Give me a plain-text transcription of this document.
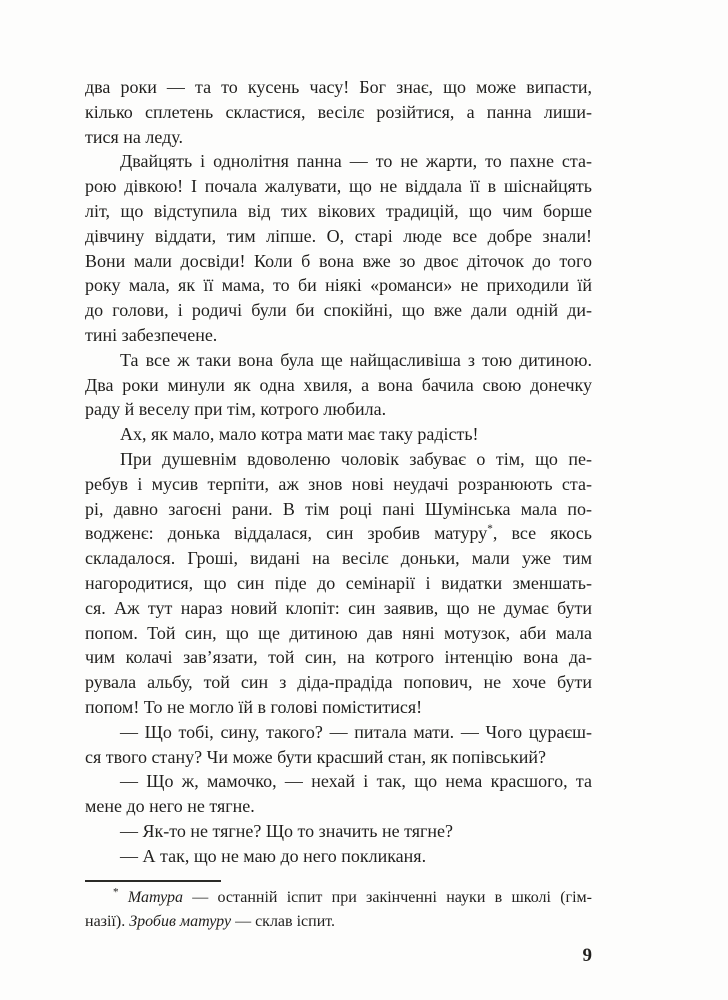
два роки — та то кусень часу! Бог знає, що може випасти,
кілько сплетень скластися, весілє розійтися, а панна лиши-
тися на леду.

Двайцять і однолітня панна — то не жарти, то пахне ста-
рою дівкою! І почала жалувати, що не віддала її в шіснайцять
літ, що відступила від тих вікових традицій, що чим борше
дівчину віддати, тим ліпше. О, старі люде все добре знали!
Вони мали досвіди! Коли б вона вже зо двоє діточок до того
року мала, як її мама, то би ніякі «романси» не приходили їй
до голови, і родичі були би спокійні, що вже дали одній ди-
тині забезпечене.

Та все ж таки вона була ще найщасливіша з тою дитиною.
Два роки минули як одна хвиля, а вона бачила свою донечку
раду й веселу при тім, котрого любила.

Ах, як мало, мало котра мати має таку радість!

При душевнім вдоволеню чоловік забуває о тім, що пе-
ребув і мусив терпіти, аж знов нові неудачі розранюють ста-
рі, давно загоєні рани. В тім році пані Шумінська мала по-
водженє: донька віддалася, син зробив матуру*, все якось
складалося. Гроші, видані на весілє доньки, мали уже тим
нагородитися, що син піде до семінарії і видатки зменшать-
ся. Аж тут нараз новий клопіт: син заявив, що не думає бути
попом. Той син, що ще дитиною дав няні мотузок, аби мала
чим колачі зав’язати, той син, на котрого інтенцію вона да-
рувала альбу, той син з діда-прадіда попович, не хоче бути
попом! То не могло їй в голові поміститися!

— Що тобі, сину, такого? — питала мати. — Чого цураєш-
ся твого стану? Чи може бути красший стан, як попівський?

— Що ж, мамочко, — нехай і так, що нема красшого, та
мене до него не тягне.

— Як-то не тягне? Що то значить не тягне?

— А так, що не маю до него покликаня.

* Матура — останній іспит при закінченні науки в школі (гім-
назії). Зробив матуру — склав іспит.

9
